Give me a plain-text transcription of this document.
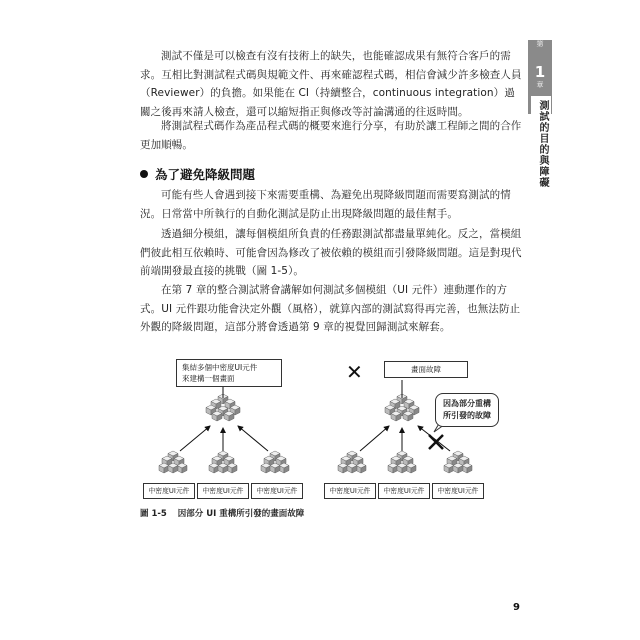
第
1
章
測試的目的與障礙

測試不僅是可以檢查有沒有技術上的缺失，也能確認成果有無符合客戶的需求。互相比對測試程式碼與規範文件、再來確認程式碼，相信會減少許多檢查人員（Reviewer）的負擔。如果能在 CI（持續整合，continuous integration）過關之後再來請人檢查，還可以縮短指正與修改等討論溝通的往返時間。

將測試程式碼作為產品程式碼的概要來進行分享，有助於讓工程師之間的合作更加順暢。

為了避免降級問題

可能有些人會遇到接下來需要重構、為避免出現降級問題而需要寫測試的情況。日常當中所執行的自動化測試是防止出現降級問題的最佳幫手。

透過細分模組，讓每個模組所負責的任務跟測試都盡量單純化。反之，當模組們彼此相互依賴時、可能會因為修改了被依賴的模組而引發降級問題。這是對現代前端開發最直接的挑戰（圖 1-5）。

在第 7 章的整合測試將會講解如何測試多個模組（UI 元件）連動運作的方式。UI 元件跟功能會決定外觀（風格），就算內部的測試寫得再完善，也無法防止外觀的降級問題，這部分將會透過第 9 章的視覺回歸測試來解套。

集結多個中密度UI元件
來建構一個畫面	✕	畫面故障
因為部分重構
所引發的故障
中密度UI元件	中密度UI元件	中密度UI元件	中密度UI元件	中密度UI元件	中密度UI元件
圖 1-5 因部分 UI 重構所引發的畫面故障
9
